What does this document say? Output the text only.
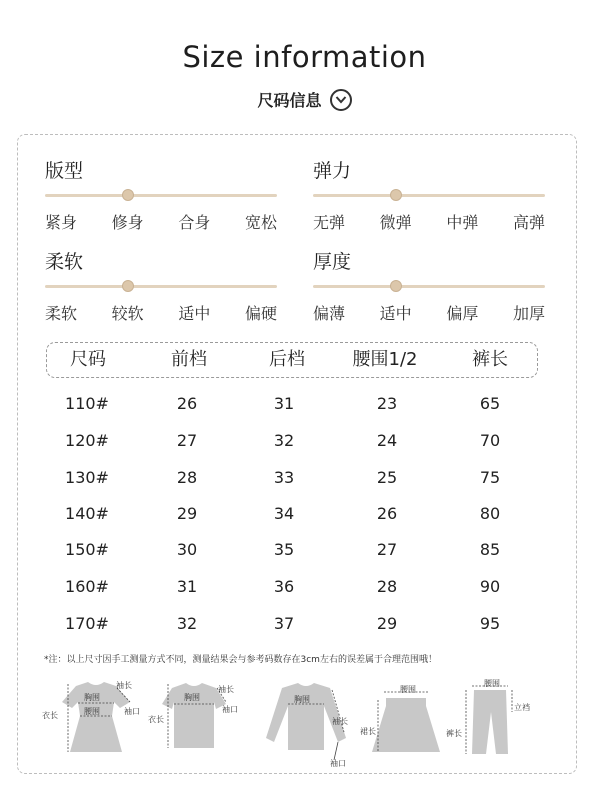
Size information
尺码信息
版型
紧身 修身 合身 宽松
弹力
无弹 微弹 中弹 高弹
柔软
柔软 较软 适中 偏硬
厚度
偏薄 适中 偏厚 加厚
尺码	前档	后档	腰围1/2	裤长
110#	26	31	23	65
120#	27	32	24	70
130#	28	33	25	75
140#	29	34	26	80
150#	30	35	27	85
160#	31	36	28	90
170#	32	37	29	95
*注：以上尺寸因手工测量方式不同，测量结果会与参考码数存在3cm左右的误差属于合理范围哦！
胸围
腰围
衣长
袖长
袖口
胸围
衣长
袖长
袖口
胸围
袖长
袖口
腰围
裙长
腰围
立裆
裤长
